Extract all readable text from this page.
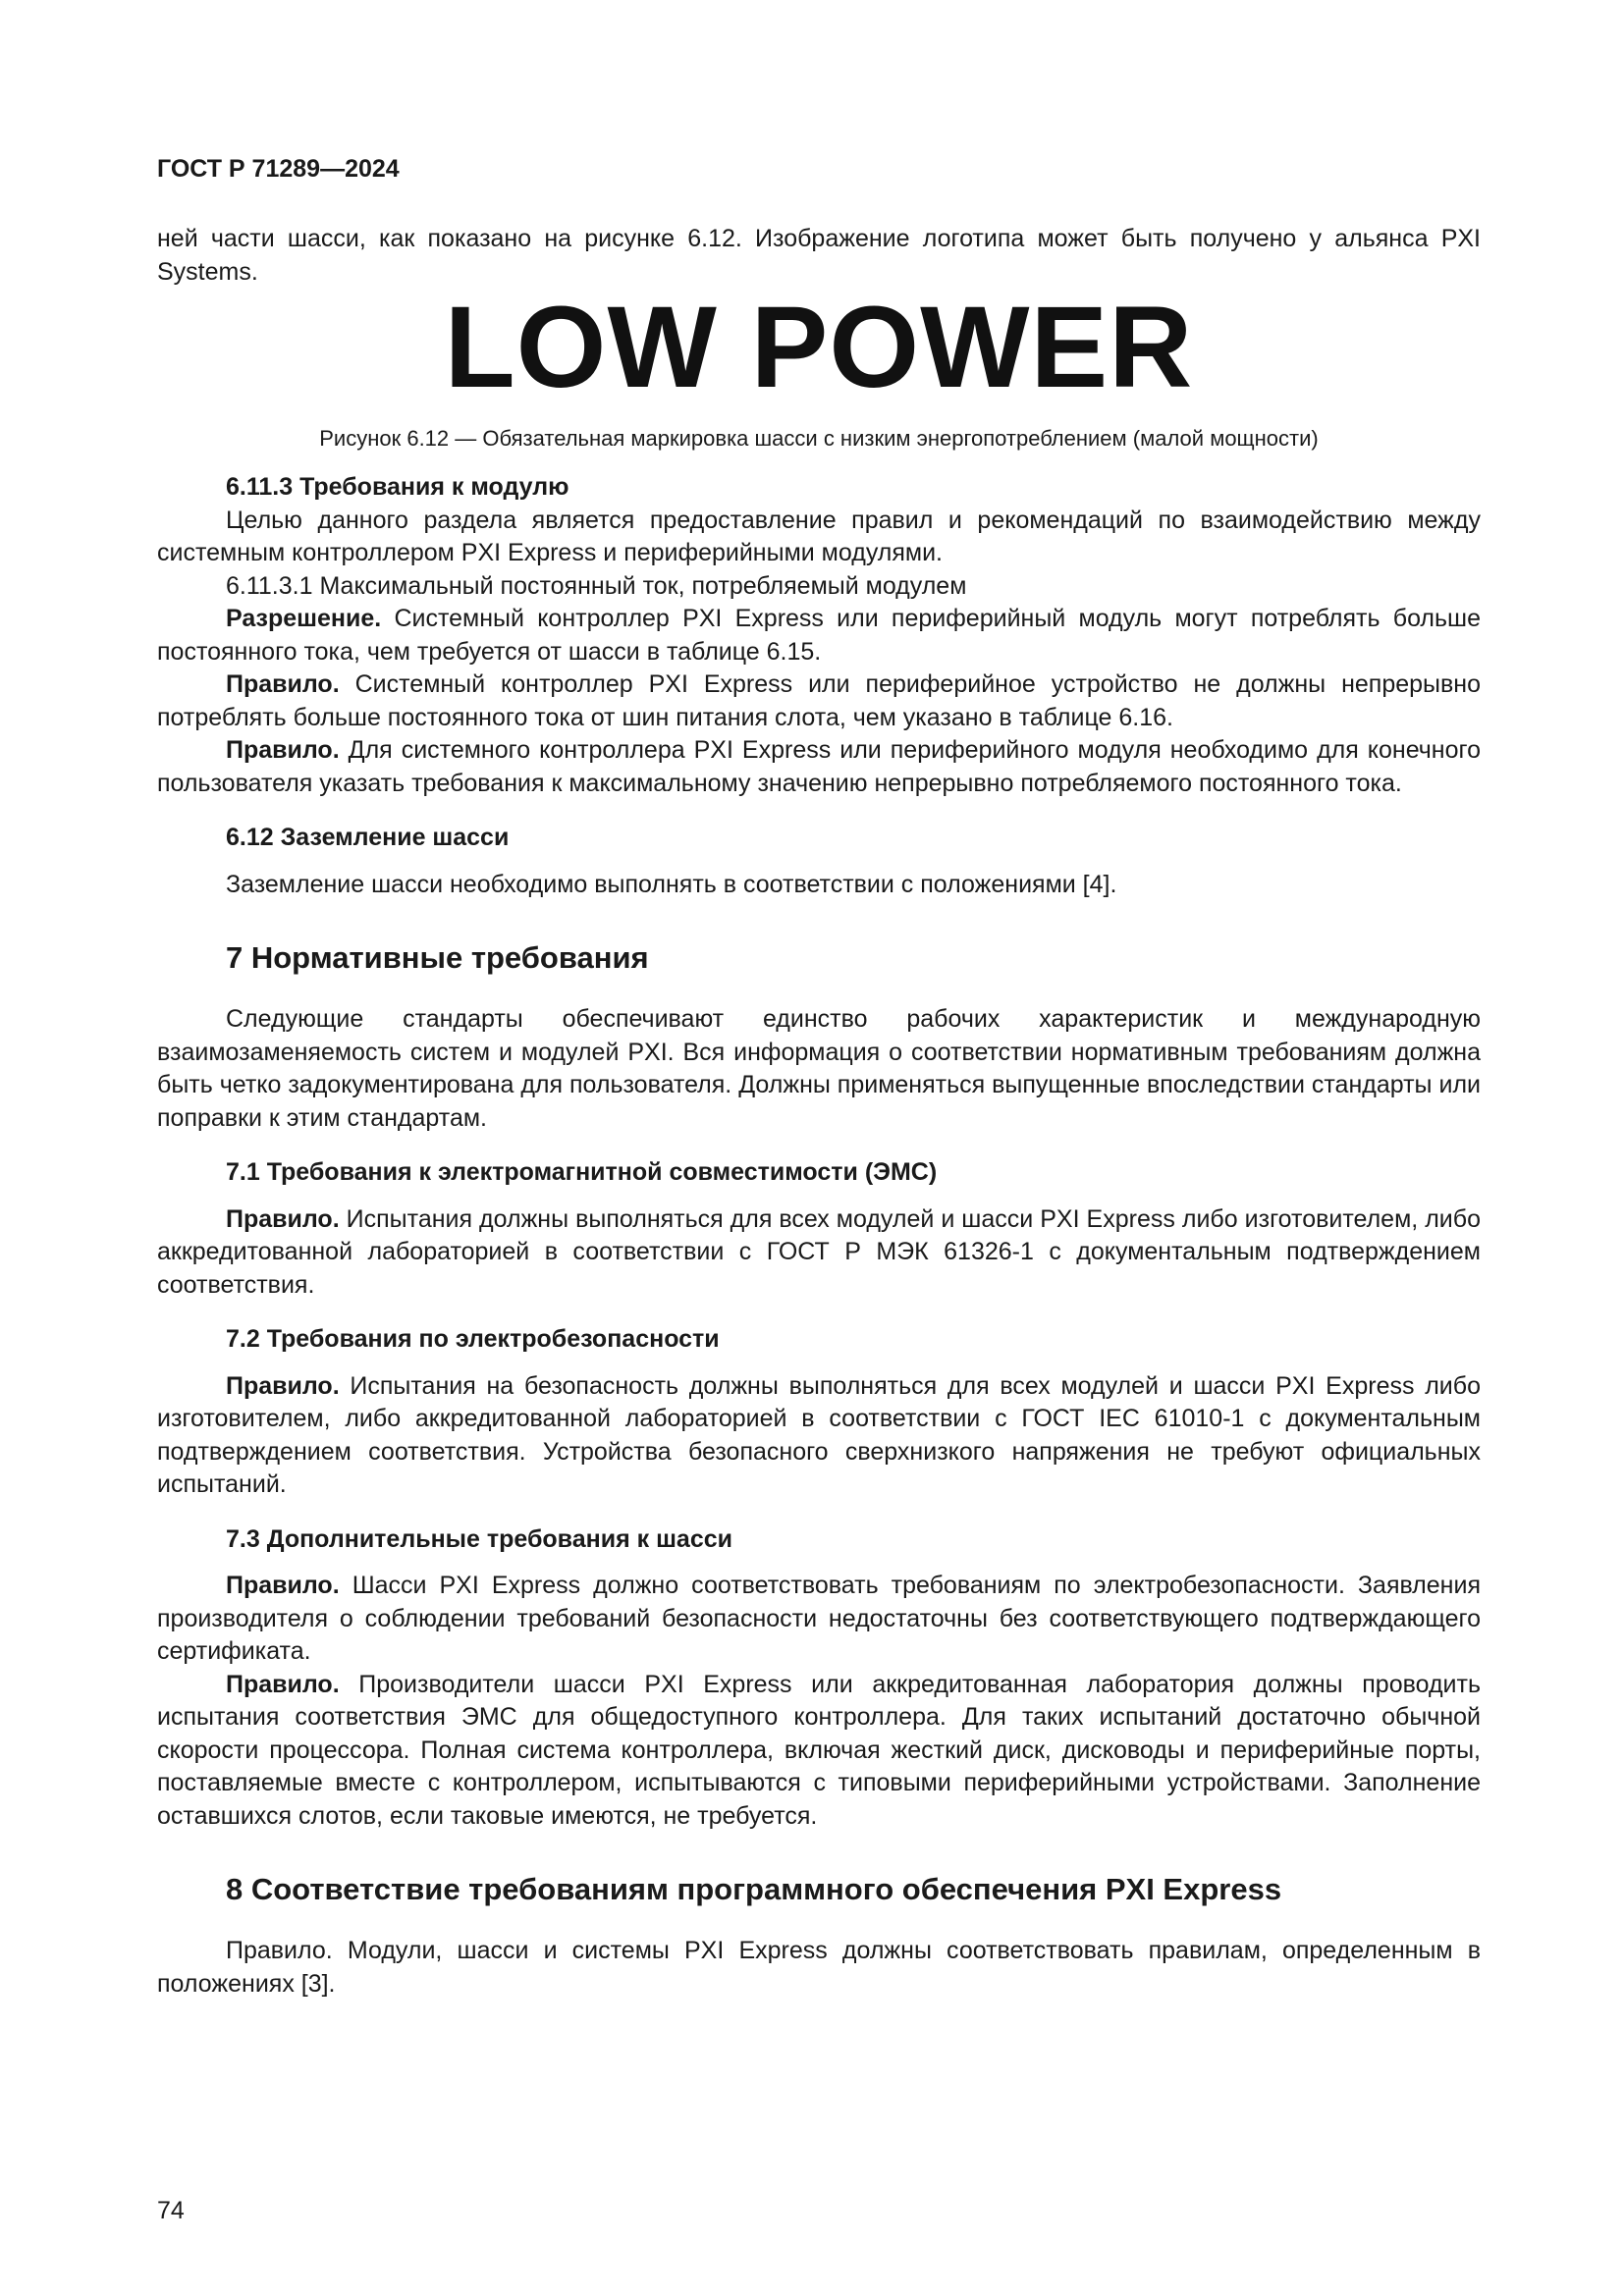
ГОСТ Р 71289—2024

ней части шасси, как показано на рисунке 6.12. Изображение логотипа может быть получено у альянса PXI Systems.

LOW POWER
Рисунок 6.12 — Обязательная маркировка шасси с низким энергопотреблением (малой мощности)

6.11.3 Требования к модулю

Целью данного раздела является предоставление правил и рекомендаций по взаимодействию между системным контроллером PXI Express и периферийными модулями.

6.11.3.1 Максимальный постоянный ток, потребляемый модулем

Разрешение. Системный контроллер PXI Express или периферийный модуль могут потреблять больше постоянного тока, чем требуется от шасси в таблице 6.15.

Правило. Системный контроллер PXI Express или периферийное устройство не должны непрерывно потреблять больше постоянного тока от шин питания слота, чем указано в таблице 6.16.

Правило. Для системного контроллера PXI Express или периферийного модуля необходимо для конечного пользователя указать требования к максимальному значению непрерывно потребляемого постоянного тока.

6.12 Заземление шасси

Заземление шасси необходимо выполнять в соответствии с положениями [4].

7 Нормативные требования

Следующие стандарты обеспечивают единство рабочих характеристик и международную взаимозаменяемость систем и модулей PXI. Вся информация о соответствии нормативным требованиям должна быть четко задокументирована для пользователя. Должны применяться выпущенные впоследствии стандарты или поправки к этим стандартам.

7.1 Требования к электромагнитной совместимости (ЭМС)

Правило. Испытания должны выполняться для всех модулей и шасси PXI Express либо изготовителем, либо аккредитованной лабораторией в соответствии с ГОСТ Р МЭК 61326-1 с документальным подтверждением соответствия.

7.2 Требования по электробезопасности

Правило. Испытания на безопасность должны выполняться для всех модулей и шасси PXI Express либо изготовителем, либо аккредитованной лабораторией в соответствии с ГОСТ IEC 61010-1 с документальным подтверждением соответствия. Устройства безопасного сверхнизкого напряжения не требуют официальных испытаний.

7.3 Дополнительные требования к шасси

Правило. Шасси PXI Express должно соответствовать требованиям по электробезопасности. Заявления производителя о соблюдении требований безопасности недостаточны без соответствующего подтверждающего сертификата.

Правило. Производители шасси PXI Express или аккредитованная лаборатория должны проводить испытания соответствия ЭМС для общедоступного контроллера. Для таких испытаний достаточно обычной скорости процессора. Полная система контроллера, включая жесткий диск, дисководы и периферийные порты, поставляемые вместе с контроллером, испытываются с типовыми периферийными устройствами. Заполнение оставшихся слотов, если таковые имеются, не требуется.

8 Соответствие требованиям программного обеспечения PXI Express

Правило. Модули, шасси и системы PXI Express должны соответствовать правилам, определенным в положениях [3].

74
